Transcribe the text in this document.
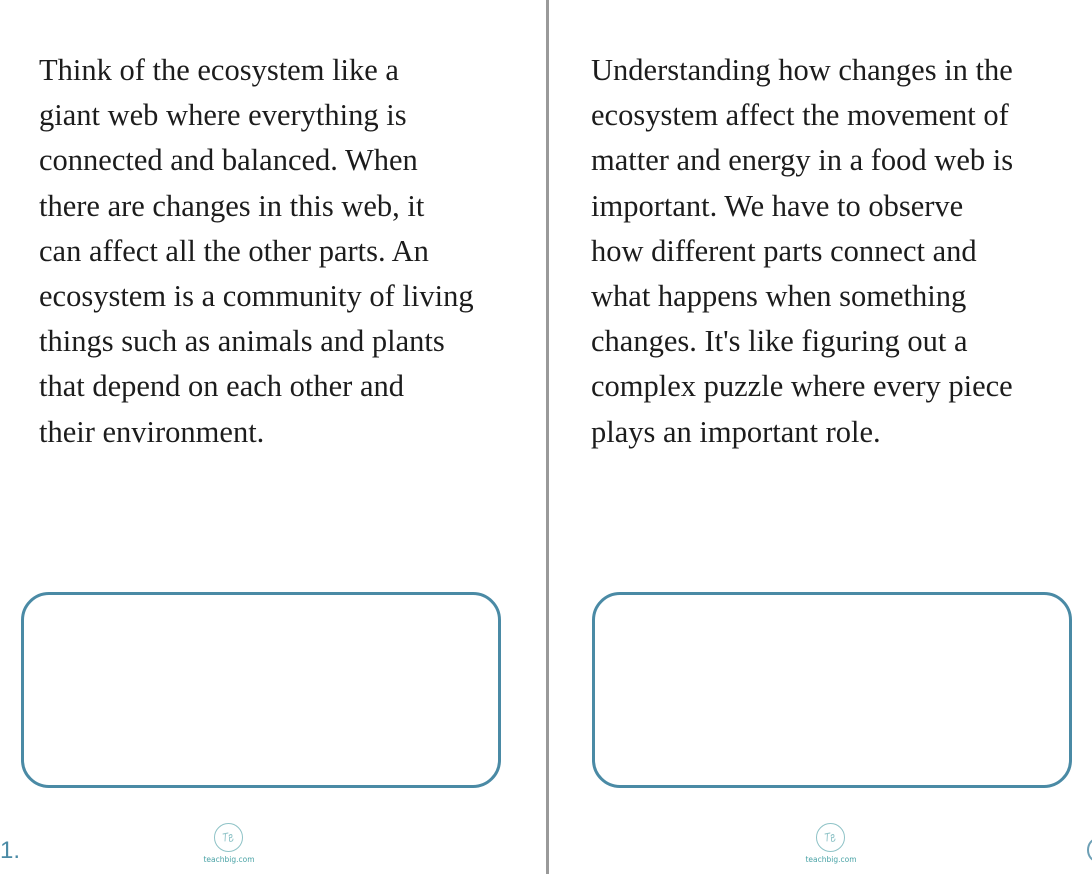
Think of the ecosystem like a
giant web where everything is
connected and balanced. When
there are changes in this web, it
can affect all the other parts. An
ecosystem is a community of living
things such as animals and plants
that depend on each other and
their environment.

teachbig.com
1.

Understanding how changes in the
ecosystem affect the movement of
matter and energy in a food web is
important. We have to observe
how different parts connect and
what happens when something
changes. It's like figuring out a
complex puzzle where every piece
plays an important role.

teachbig.com
